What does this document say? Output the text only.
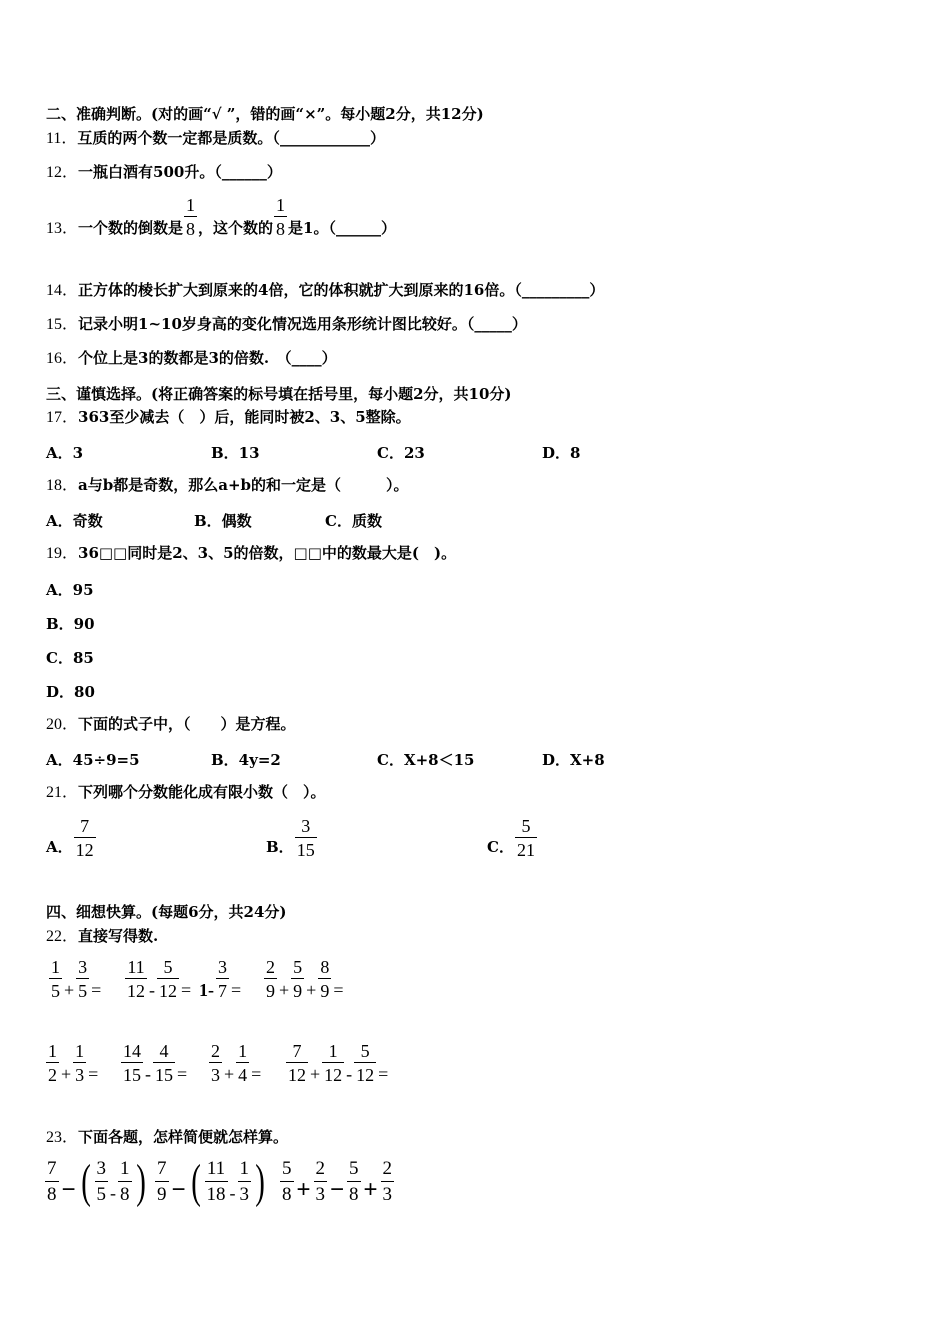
二、准确判断。(对的画“√ ”，错的画“×”。每小题2分，共12分)
11．互质的两个数一定都是质数。（____________）
12．一瓶白酒有500升。（______）
13．一个数的倒数是 $\frac{1}{8}$ ，这个数的 $\frac{1}{8}$ 是1。（______）
14．正方体的棱长扩大到原来的4倍，它的体积就扩大到原来的16倍。（_________）
15．记录小明1~10岁身高的变化情况选用条形统计图比较好。（_____）
16．个位上是3的数都是3的倍数.　（____）
三、谨慎选择。(将正确答案的标号填在括号里，每小题2分，共10分)
17．363至少减去（　）后，能同时被2、3、5整除。
A．3	B．13	C．23	D．8
18．a与b都是奇数，那么a+b的和一定是（　　　）。
A．奇数	B．偶数	C．质数
19．36□□同时是2、3、5的倍数，□□中的数最大是(　)。
A．95
B．90
C．85
D．80
20．下面的式子中，（　　）是方程。
A．45÷9=5	B．4y=2	C．X+8＜15	D．X+8
21．下列哪个分数能化成有限小数（　）。
A． $\frac{7}{12}$	B． $\frac{3}{15}$	C． $\frac{5}{21}$
四、细想快算。(每题6分，共24分)
22．直接写得数.
$\frac{1}{5} + \frac{3}{5} = \frac{11}{12} - \frac{5}{12} = 1- \frac{3}{7} = \frac{2}{9} + \frac{5}{9} + \frac{8}{9}$ =
$\frac{1}{2} + \frac{1}{3} = \frac{14}{15} - \frac{4}{15} = \frac{2}{3} + \frac{1}{4} = \frac{7}{12} + \frac{1}{12} - \frac{5}{12}$ =
23．下面各题，怎样简便就怎样算。
$\frac{7}{8}$ − ( $\frac{3}{5} - \frac{1}{8}$ ) $\frac{7}{9}$ − ( $\frac{11}{18} - \frac{1}{3}$ ) $\frac{5}{8} + \frac{2}{3} - \frac{5}{8} + \frac{2}{3}$
